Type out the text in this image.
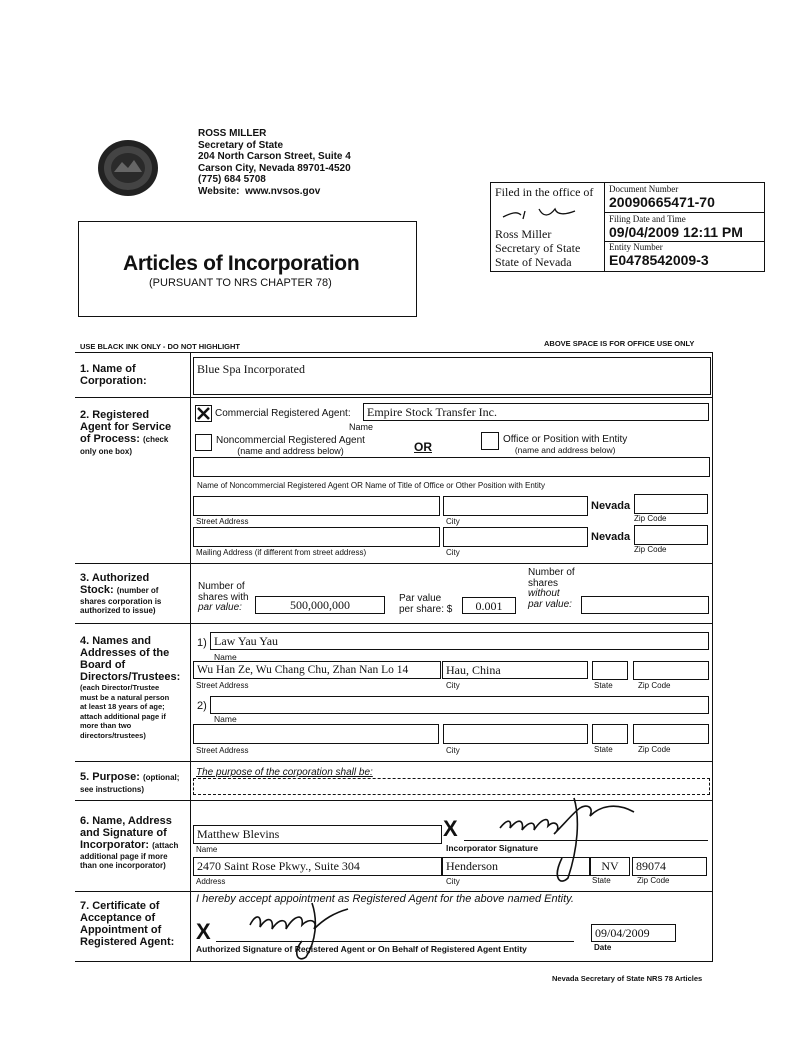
ROSS MILLER
Secretary of State
204 North Carson Street, Suite 4
Carson City, Nevada 89701-4520
(775) 684 5708
Website: www.nvsos.gov
Articles of Incorporation
(PURSUANT TO NRS CHAPTER 78)
Filed in the office of
Ross Miller
Secretary of State
State of Nevada
Document Number
20090665471-70
Filing Date and Time
09/04/2009 12:11 PM
Entity Number
E0478542009-3
USE BLACK INK ONLY - DO NOT HIGHLIGHT	ABOVE SPACE IS FOR OFFICE USE ONLY
1. Name of
Corporation:
Blue Spa Incorporated
2. Registered
Agent for Service
of Process: (check
only one box)
Commercial Registered Agent:	Empire Stock Transfer Inc.
Name
Noncommercial Registered Agent
(name and address below)	OR
Office or Position with Entity
(name and address below)
Name of Noncommercial Registered Agent OR Name of Title of Office or Other Position with Entity
Nevada
Street Address	City	Zip Code
Nevada
Mailing Address (if different from street address)	City	Zip Code
3. Authorized
Stock: (number of
shares corporation is
authorized to issue)
Number of
shares with
par value:	500,000,000	Par value
per share: $	0.001
Number of
shares
without
par value:
4. Names and
Addresses of the
Board of
Directors/Trustees:
(each Director/Trustee
must be a natural person
at least 18 years of age;
attach additional page if
more than two
directors/trustees)
1) Law Yau Yau
Name
Wu Han Ze, Wu Chang Chu, Zhan Nan Lo 14	Hau, China
Street Address	City	State	Zip Code
2)
Name
Street Address	City	State	Zip Code
5. Purpose: (optional;
see instructions)
The purpose of the corporation shall be:
6. Name, Address
and Signature of
Incorporator: (attach
additional page if more
than one incorporator)
Matthew Blevins
Name
X
Incorporator Signature
2470 Saint Rose Pkwy., Suite 304	Henderson	NV	89074
Address	City	State	Zip Code
7. Certificate of
Acceptance of
Appointment of
Registered Agent:
I hereby accept appointment as Registered Agent for the above named Entity.
X
Authorized Signature of Registered Agent or On Behalf of Registered Agent Entity
09/04/2009
Date
Nevada Secretary of State NRS 78 Articles
